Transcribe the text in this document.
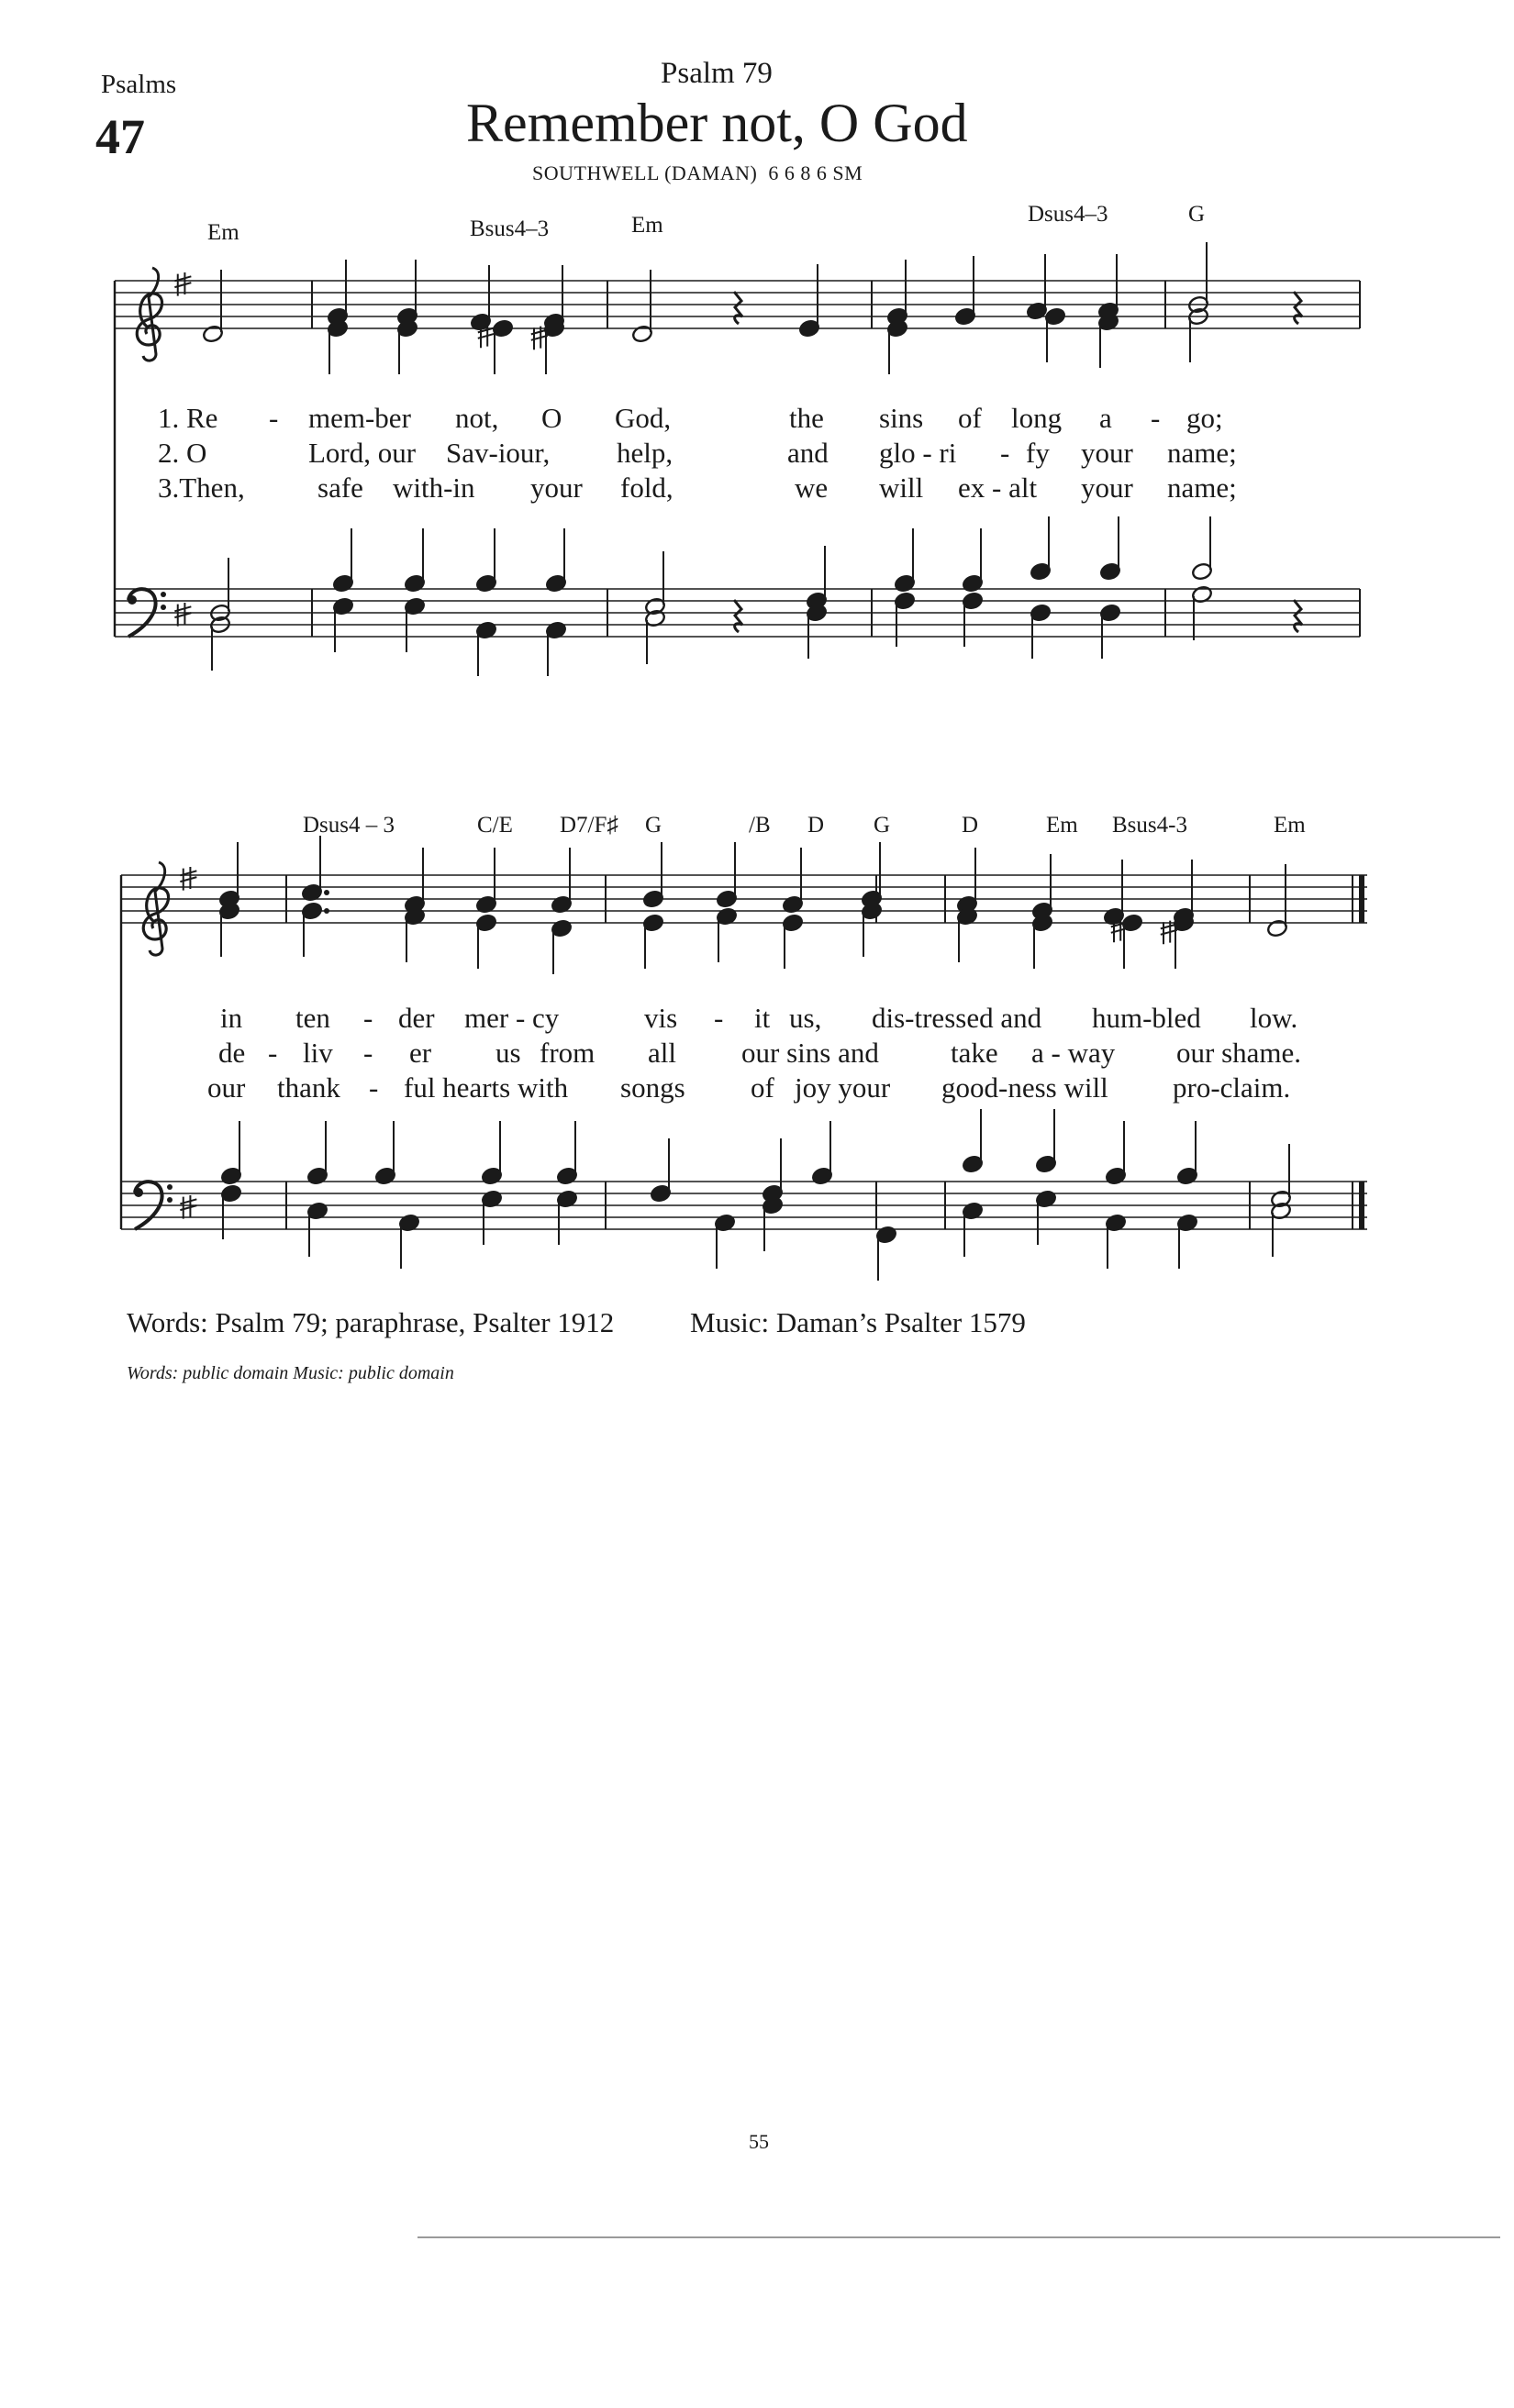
Psalms
47
Psalm 79
Remember not, O God
SOUTHWELL (DAMAN) 6 6 8 6 SM
Em	Bsus4–3	Em	Dsus4–3	G
1. Re - mem-ber not, O God,	the sins of long a - go;
2. O	Lord, our Sav-iour, help,	and glo - ri - fy your name;
3.Then,	safe with-in your fold,	we will ex - alt your name;
Dsus4 – 3	C/E D7/F♯ G	/B D G	D	Em Bsus4-3	Em
in ten - der mer - cy	vis - it us, dis-tressed and hum-bled low.
de - liv - er us from all our sins and	take a - way our shame.
our thank - ful hearts with songs of joy your good-ness will pro-claim.
Words: Psalm 79; paraphrase, Psalter 1912	Music: Daman’s Psalter 1579
Words: public domain Music: public domain
55
